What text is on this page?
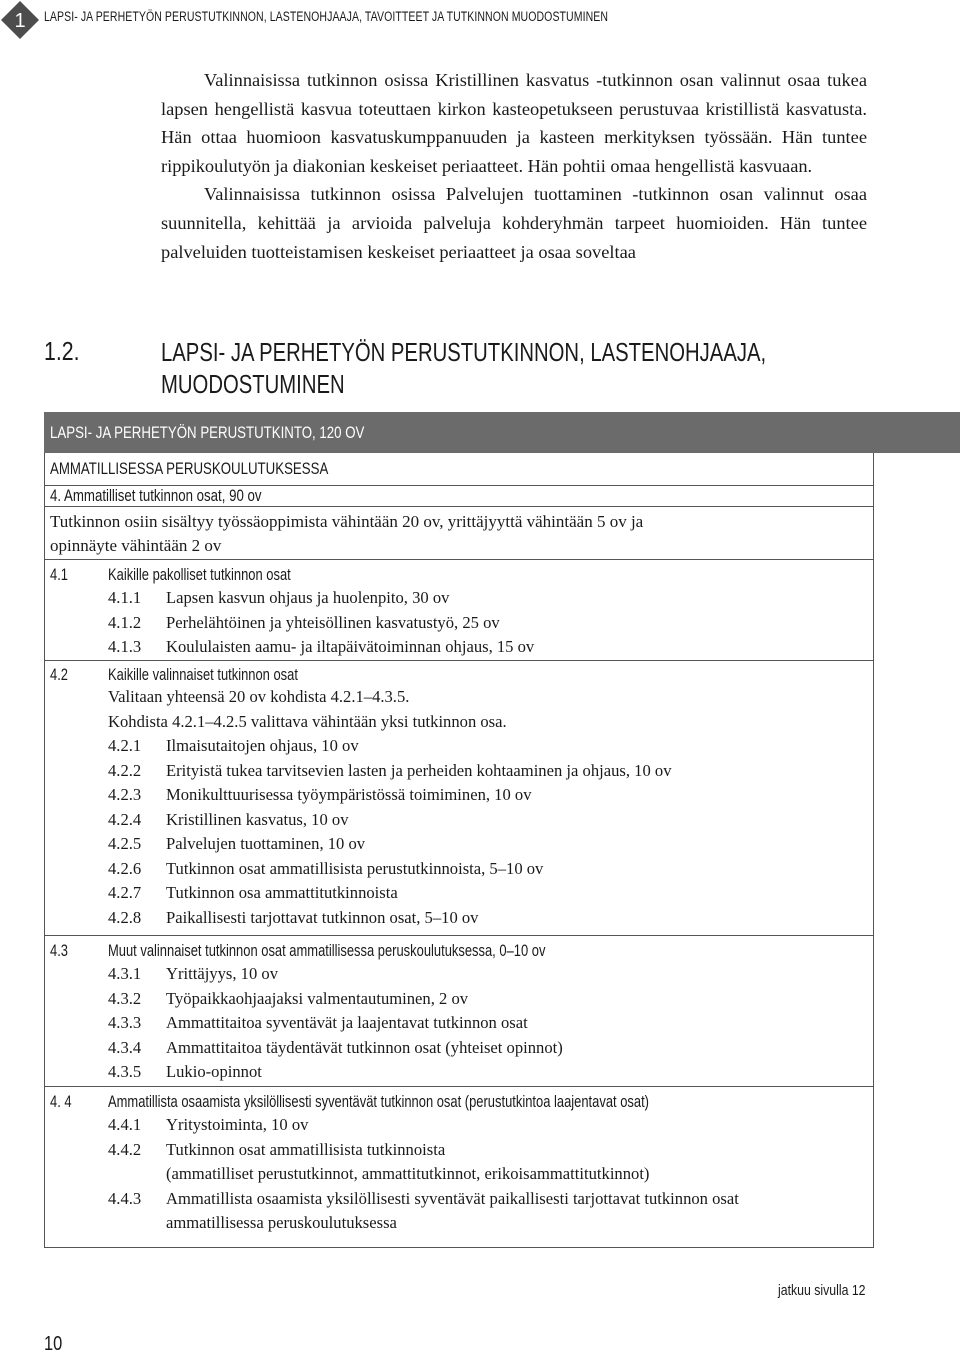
1 LAPSI- JA PERHETYÖN PERUSTUTKINNON, LASTENOHJAAJA, TAVOITTEET JA TUTKINNON MUODOSTUMINEN

Valinnaisissa tutkinnon osissa Kristillinen kasvatus -tutkinnon osan valinnut osaa tukea lapsen hengellistä kasvua toteuttaen kirkon kasteopetukseen perustuvaa kristillistä kasvatusta. Hän ottaa huomioon kasvatuskumppanuuden ja kasteen merkityksen työssään. Hän tuntee rippikoulutyön ja diakonian keskeiset periaatteet. Hän pohtii omaa hengellistä kasvuaan.

Valinnaisissa tutkinnon osissa Palvelujen tuottaminen -tutkinnon osan valinnut osaa suunnitella, kehittää ja arvioida palveluja kohderyhmän tarpeet huomioiden. Hän tuntee palveluiden tuotteistamisen keskeiset periaatteet ja osaa soveltaa

1.2.	LAPSI- JA PERHETYÖN PERUSTUTKINNON, LASTENOHJAAJA,
MUODOSTUMINEN
LAPSI- JA PERHETYÖN PERUSTUTKINTO, 120 OV
AMMATILLISESSA PERUSKOULUTUKSESSA
4. Ammatilliset tutkinnon osat, 90 ov
Tutkinnon osiin sisältyy työssäoppimista vähintään 20 ov, yrittäjyyttä vähintään 5 ov ja
opinnäyte vähintään 2 ov
4.1 Kaikille pakolliset tutkinnon osat
4.1.1 Lapsen kasvun ohjaus ja huolenpito, 30 ov
4.1.2 Perhelähtöinen ja yhteisöllinen kasvatustyö, 25 ov
4.1.3 Koululaisten aamu- ja iltapäivätoiminnan ohjaus, 15 ov
4.2 Kaikille valinnaiset tutkinnon osat
Valitaan yhteensä 20 ov kohdista 4.2.1–4.3.5.
Kohdista 4.2.1–4.2.5 valittava vähintään yksi tutkinnon osa.
4.2.1 Ilmaisutaitojen ohjaus, 10 ov
4.2.2 Erityistä tukea tarvitsevien lasten ja perheiden kohtaaminen ja ohjaus, 10 ov
4.2.3 Monikulttuurisessa työympäristössä toimiminen, 10 ov
4.2.4 Kristillinen kasvatus, 10 ov
4.2.5 Palvelujen tuottaminen, 10 ov
4.2.6 Tutkinnon osat ammatillisista perustutkinnoista, 5–10 ov
4.2.7 Tutkinnon osa ammattitutkinnoista
4.2.8 Paikallisesti tarjottavat tutkinnon osat, 5–10 ov
4.3 Muut valinnaiset tutkinnon osat ammatillisessa peruskoulutuksessa, 0–10 ov
4.3.1 Yrittäjyys, 10 ov
4.3.2 Työpaikkaohjaajaksi valmentautuminen, 2 ov
4.3.3 Ammattitaitoa syventävät ja laajentavat tutkinnon osat
4.3.4 Ammattitaitoa täydentävät tutkinnon osat (yhteiset opinnot)
4.3.5 Lukio-opinnot
4. 4 Ammatillista osaamista yksilöllisesti syventävät tutkinnon osat (perustutkintoa laajentavat osat)
4.4.1 Yritystoiminta, 10 ov
4.4.2 Tutkinnon osat ammatillisista tutkinnoista
(ammatilliset perustutkinnot, ammattitutkinnot, erikoisammattitutkinnot)
4.4.3 Ammatillista osaamista yksilöllisesti syventävät paikallisesti tarjottavat tutkinnon osat
ammatillisessa peruskoulutuksessa
jatkuu sivulla 12
10
